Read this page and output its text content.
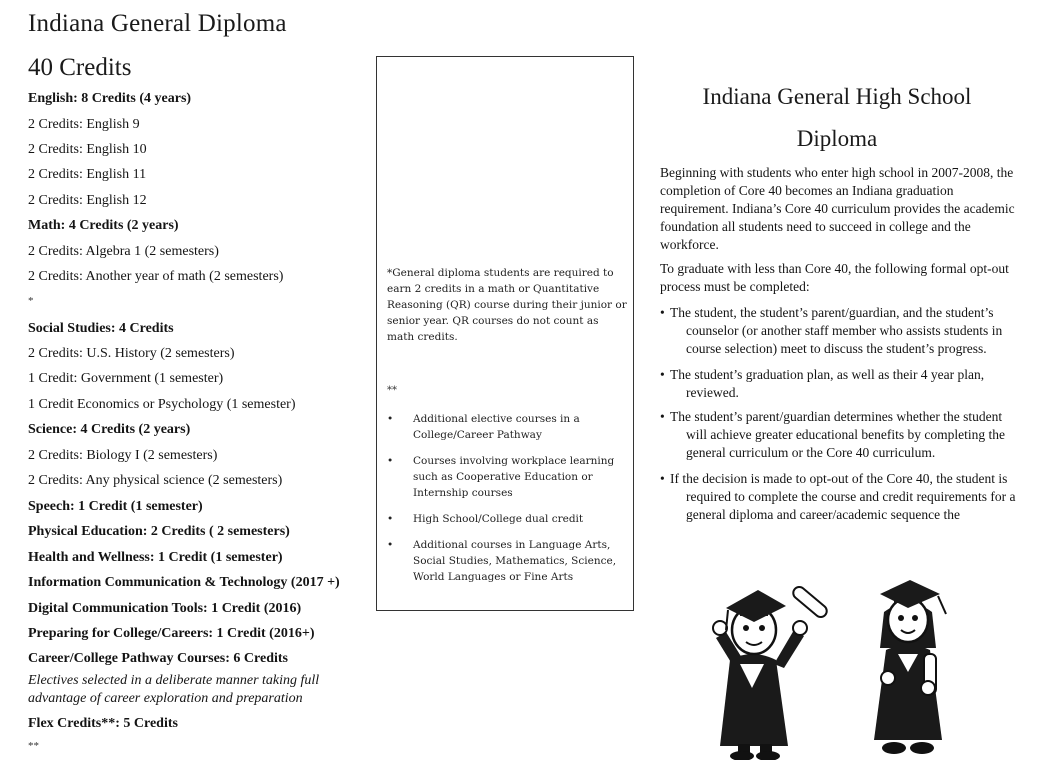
Indiana General Diploma
40 Credits
English: 8 Credits (4 years)
2 Credits: English 9
2 Credits: English 10
2 Credits: English 11
2 Credits: English 12
Math: 4 Credits (2 years)
2 Credits: Algebra 1 (2 semesters)
2 Credits: Another year of math (2 semesters)
*
Social Studies: 4 Credits
2 Credits: U.S. History (2 semesters)
1 Credit: Government (1 semester)
1 Credit Economics or Psychology (1 semester)
Science: 4 Credits (2 years)
2 Credits: Biology I (2 semesters)
2 Credits: Any physical science (2 semesters)
Speech: 1 Credit (1 semester)
Physical Education: 2 Credits ( 2 semesters)
Health and Wellness: 1 Credit (1 semester)
Information Communication & Technology (2017 +)
Digital Communication Tools: 1 Credit (2016)
Preparing for College/Careers: 1 Credit (2016+)
Career/College Pathway Courses: 6 Credits
Electives selected in a deliberate manner taking full advantage of career exploration and preparation
Flex Credits**: 5 Credits
**
*General diploma students are required to earn 2 credits in a math or Quantitative Reasoning (QR) course during their junior or senior year. QR courses do not count as math credits.
**
• Additional elective courses in a College/Career Pathway
• Courses involving workplace learning such as Cooperative Education or Internship courses
• High School/College dual credit
• Additional courses in Language Arts, Social Studies, Mathematics, Science, World Languages or Fine Arts
Indiana General High School
Diploma
Beginning with students who enter high school in 2007-2008, the completion of Core 40 becomes an Indiana graduation requirement. Indiana’s Core 40 curriculum provides the academic foundation all students need to succeed in college and the workforce.
To graduate with less than Core 40, the following formal opt-out process must be completed:
• The student, the student’s parent/guardian, and the student’s
counselor (or another staff member who assists students in course selection) meet to discuss the student’s progress.
• The student’s graduation plan, as well as their 4 year plan,
reviewed.
• The student’s parent/guardian determines whether the student
will achieve greater educational benefits by completing the general curriculum or the Core 40 curriculum.
• If the decision is made to opt-out of the Core 40, the student is
required to complete the course and credit requirements for a general diploma and career/academic sequence the
